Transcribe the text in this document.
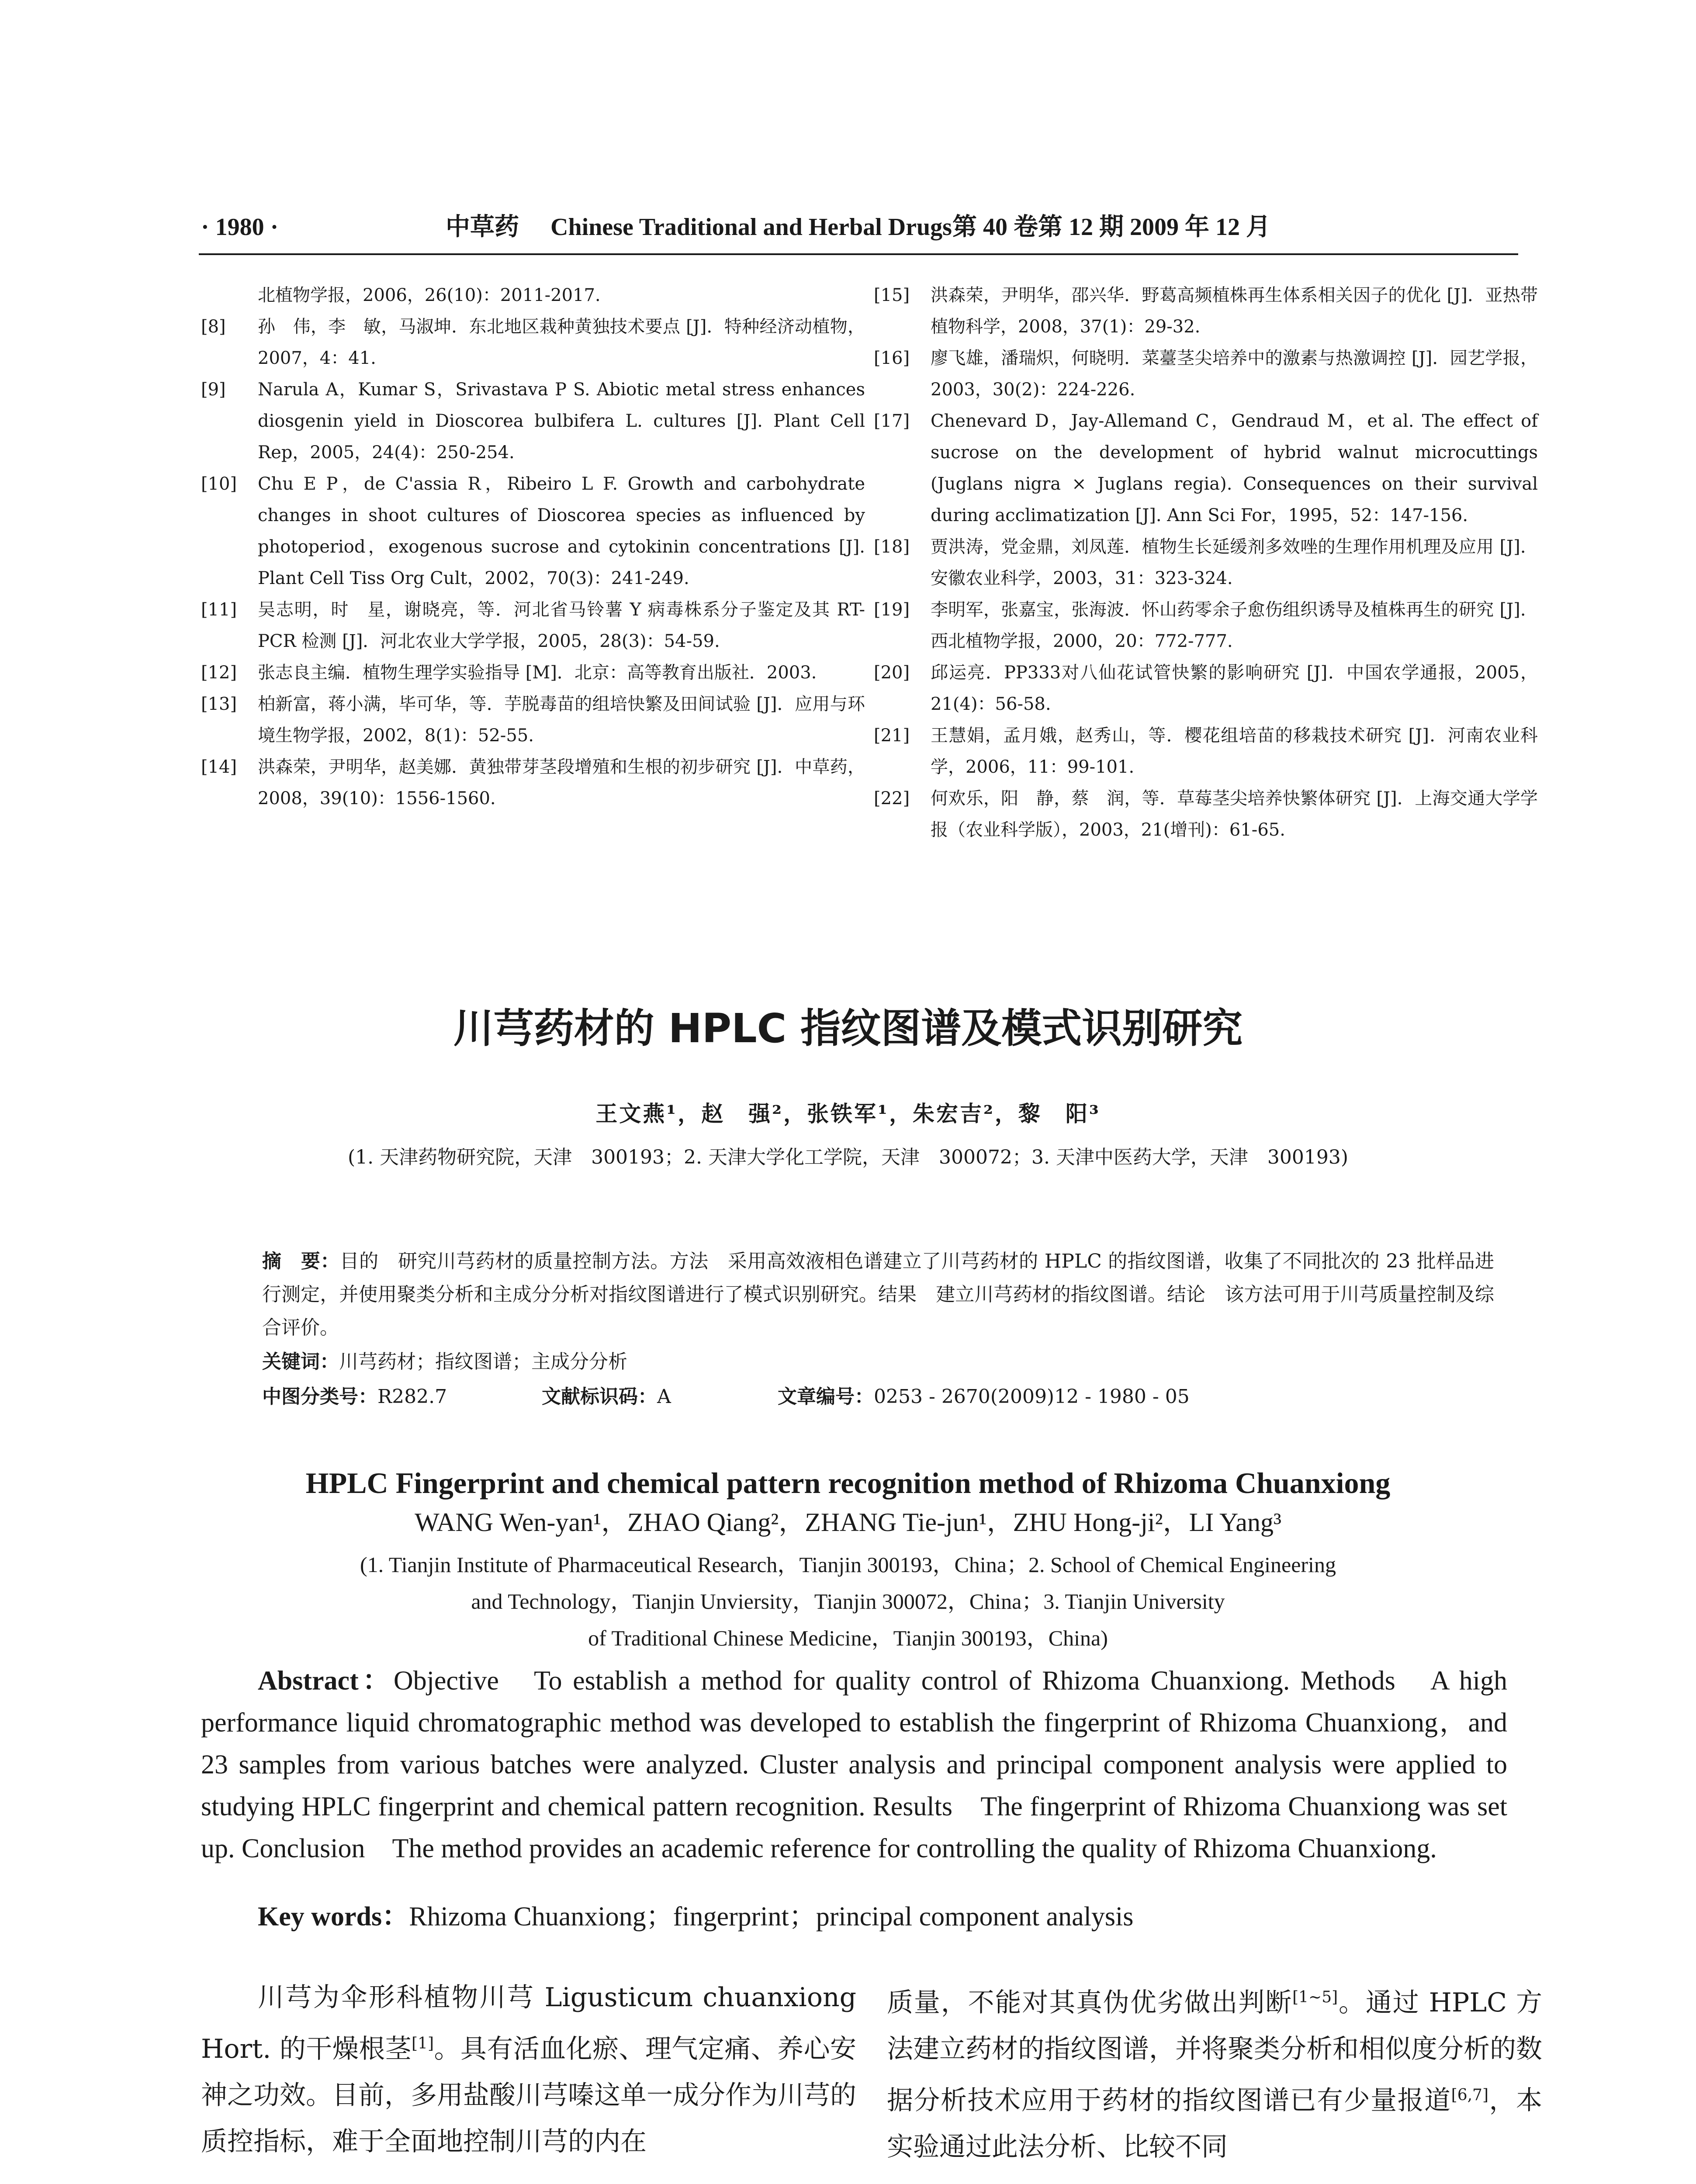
· 1980 ·	中草药 Chinese Traditional and Herbal Drugs 第 40 卷第 12 期 2009 年 12 月
北植物学报，2006，26(10)：2011-2017.
[8] 孙　伟，李　敏，马淑坤．东北地区栽种黄独技术要点 [J]．特种经济动植物，2007，4：41.
[9] Narula A，Kumar S，Srivastava P S. Abiotic metal stress enhances diosgenin yield in Dioscorea bulbifera L. cultures [J]. Plant Cell Rep，2005，24(4)：250-254.
[10] Chu E P，de C'assia R，Ribeiro L F. Growth and carbohydrate changes in shoot cultures of Dioscorea species as influenced by photoperiod，exogenous sucrose and cytokinin concentrations [J]. Plant Cell Tiss Org Cult，2002，70(3)：241-249.
[11] 吴志明，时　星，谢晓亮，等．河北省马铃薯 Y 病毒株系分子鉴定及其 RT-PCR 检测 [J]．河北农业大学学报，2005，28(3)：54-59.
[12] 张志良主编．植物生理学实验指导 [M]．北京：高等教育出版社．2003.
[13] 柏新富，蒋小满，毕可华，等．芋脱毒苗的组培快繁及田间试验 [J]．应用与环境生物学报，2002，8(1)：52-55.
[14] 洪森荣，尹明华，赵美娜．黄独带芽茎段增殖和生根的初步研究 [J]．中草药，2008，39(10)：1556-1560.
[15] 洪森荣，尹明华，邵兴华．野葛高频植株再生体系相关因子的优化 [J]．亚热带植物科学，2008，37(1)：29-32.
[16] 廖飞雄，潘瑞炽，何晓明．菜薹茎尖培养中的激素与热激调控 [J]．园艺学报，2003，30(2)：224-226.
[17] Chenevard D，Jay-Allemand C，Gendraud M，et al. The effect of sucrose on the development of hybrid walnut microcuttings (Juglans nigra × Juglans regia). Consequences on their survival during acclimatization [J]. Ann Sci For，1995，52：147-156.
[18] 贾洪涛，党金鼎，刘凤莲．植物生长延缓剂多效唑的生理作用机理及应用 [J]．安徽农业科学，2003，31：323-324.
[19] 李明军，张嘉宝，张海波．怀山药零余子愈伤组织诱导及植株再生的研究 [J]．西北植物学报，2000，20：772-777.
[20] 邱运亮．PP333对八仙花试管快繁的影响研究 [J]．中国农学通报，2005，21(4)：56-58.
[21] 王慧娟，孟月娥，赵秀山，等．樱花组培苗的移栽技术研究 [J]．河南农业科学，2006，11：99-101.
[22] 何欢乐，阳　静，蔡　润，等．草莓茎尖培养快繁体研究 [J]．上海交通大学学报（农业科学版），2003，21(增刊)：61-65.
川芎药材的 HPLC 指纹图谱及模式识别研究
王文燕¹，赵　强²，张铁军¹，朱宏吉²，黎　阳³
(1. 天津药物研究院，天津　300193；2. 天津大学化工学院，天津　300072；3. 天津中医药大学，天津　300193)
摘　要：目的　研究川芎药材的质量控制方法。方法　采用高效液相色谱建立了川芎药材的 HPLC 的指纹图谱，收集了不同批次的 23 批样品进行测定，并使用聚类分析和主成分分析对指纹图谱进行了模式识别研究。结果　建立川芎药材的指纹图谱。结论　该方法可用于川芎质量控制及综合评价。
关键词：川芎药材；指纹图谱；主成分分析
中图分类号： R282.7	文献标识码： A	文章编号： 0253 - 2670(2009)12 - 1980 - 05
HPLC Fingerprint and chemical pattern recognition method of Rhizoma Chuanxiong
WANG Wen-yan¹，ZHAO Qiang²，ZHANG Tie-jun¹，ZHU Hong-ji²，LI Yang³
(1. Tianjin Institute of Pharmaceutical Research，Tianjin 300193，China；2. School of Chemical Engineering
and Technology，Tianjin Unviersity，Tianjin 300072，China；3. Tianjin University
of Traditional Chinese Medicine，Tianjin 300193，China)
Abstract：Objective　To establish a method for quality control of Rhizoma Chuanxiong. Methods　A high performance liquid chromatographic method was developed to establish the fingerprint of Rhizoma Chuanxiong，and 23 samples from various batches were analyzed. Cluster analysis and principal component analysis were applied to studying HPLC fingerprint and chemical pattern recognition. Results　The fingerprint of Rhizoma Chuanxiong was set up. Conclusion　The method provides an academic reference for controlling the quality of Rhizoma Chuanxiong.
Key words：Rhizoma Chuanxiong；fingerprint；principal component analysis
川芎为伞形科植物川芎 Ligusticum chuanxiong Hort. 的干燥根茎[1]。具有活血化瘀、理气定痛、养心安神之功效。目前，多用盐酸川芎嗪这单一成分作为川芎的质控指标，难于全面地控制川芎的内在
质量，不能对其真伪优劣做出判断[1~5]。通过 HPLC 方法建立药材的指纹图谱，并将聚类分析和相似度分析的数据分析技术应用于药材的指纹图谱已有少量报道[6,7]，本实验通过此法分析、比较不同
